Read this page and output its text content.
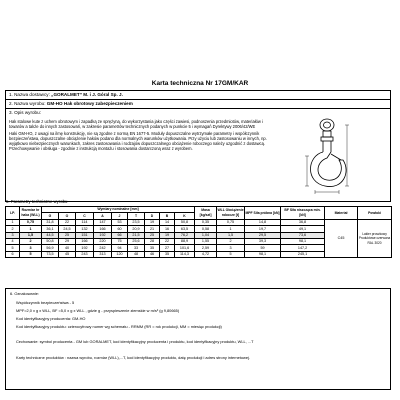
Karta techniczna Nr 17GM/KAR
1. Nazwa dostawcy: „GORALMET” M. i J. Góral Sp. J.
2. Nazwa wyrobu: GM-HO Hak obrotowy zabezpieczeniem
3. Opis wyrobu:

Hak stalowe kute z uchem obrotowym i zapadką ze sprężyną, do wykorzystania jako części zawiesi, podnoszenia przedmiotów, materiałów i towarów a także do innych zastosowań, w zakresie parametrów technicznych podanych w punkcie 5 i wymagań Dyrektywy 2006/42/WE

Haki GM-HO, z uwagi na ilmę konstrukcję, nie są zgodne z normą EN 1677-5. Moduły dopuszczalne wytrzymałe parametry i współczynnik bezpieczeństwa, dopuszczalne obciążenie haków podano dla normalnych warunków użytkowania. Przy użyciu lub zastosowaniu w innych, np. wyjątkowo niebezpiecznych warunkach, zakres zastosowania i rodzajów dopuszczalnego obciążenie roboczego należy uzgodnić z dostawcą. Przechowywanie i obsługa - zgodnie z instrukcją montażu i stosowania dostarczoną wraz z wyrobem.

5. Parametry techniczne wyrobu
LP.	Rozmiar hr haka (WLL)	Wymiary nominalne [mm]									Masa [kg/szt]	WLL Obciążenie robocze [t]	MPF Siła próbna [kN]	BF Siła niszcząca min. [kN]	Materiał	Powłoki
		G	O	C	A	J	T	D	B	K						
1	0,75	31,8	22	114	147	53	23,5	19	14	50,8	0,35	0,75	14,8	36,8	C45	Lakier proszkowy Produktowe czerwona RAL 3020
2	1	36,1	24,5	132	166	60	20,9	21	16	63,5	0,58	1	19,7	49,1		
3	1,5	44,5	25	151	192	66	21,5	25	19	76,2	1,04	1,5	29,5	73,6		
4	2	50,8	29	166	220	75	25,6	28	22	88,9	1,55	2	39,3	98,1		
5	3	56,9	40	192	242	94	33	35	27	101,6	2,59	3	59	147,2		
6	5	73,5	45	243	313	120	48	46	35	114,3	4,72	5	98,1	245,1		
6. Oznakowanie:
Współczynnik bezpieczeństwa - 5
MPF=2,0 x g x WLL, BF =5,0 x g x WLL , gdzie g - przyspieszenie ziemskie w m/s² (g 9,80665)
Kod identyfikacyjny producenta: GM-HO
Kod identyfikacyjny produktu: czterocyfrowy numer wg schematu - RRMM (RR = rok produkcji, MM = miesiąc produkcji)
Cechowanie: symbol producenta - GM lub GORALMET, kod identyfikacyjny producenta i produktu, kod identyfikacyjny produktu, WLL, ...T
Karty techniczne produktów : nazwa wyrobu, rozmiar (WLL),...T, kod identyfikacyjny produktu, datę produkcji i adres strony internetowej.
